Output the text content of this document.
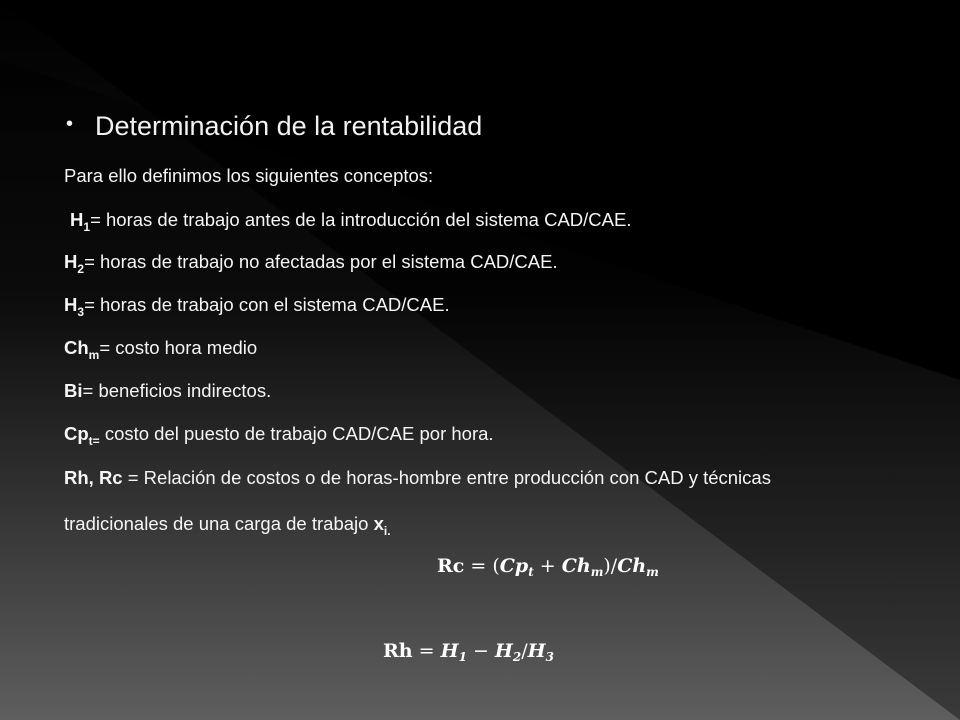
• Determinación de la rentabilidad
Para ello definimos los siguientes conceptos:
$H_1=$ horas de trabajo antes de la introducción del sistema CAD/CAE.
$H_2=$ horas de trabajo no afectadas por el sistema CAD/CAE.
$H_3=$ horas de trabajo con el sistema CAD/CAE.
$Ch_m=$ costo hora medio
Bi= beneficios indirectos.
$Cp_{t=}$ costo del puesto de trabajo CAD/CAE por hora.
Rh, Rc = Relación de costos o de horas-hombre entre producción con CAD y técnicas
tradicionales de una carga de trabajo $x_{i.}$
$Rc = (Cp_t + Ch_m)/Ch_m$
$Rh = H_1 - H_2/H_3$
